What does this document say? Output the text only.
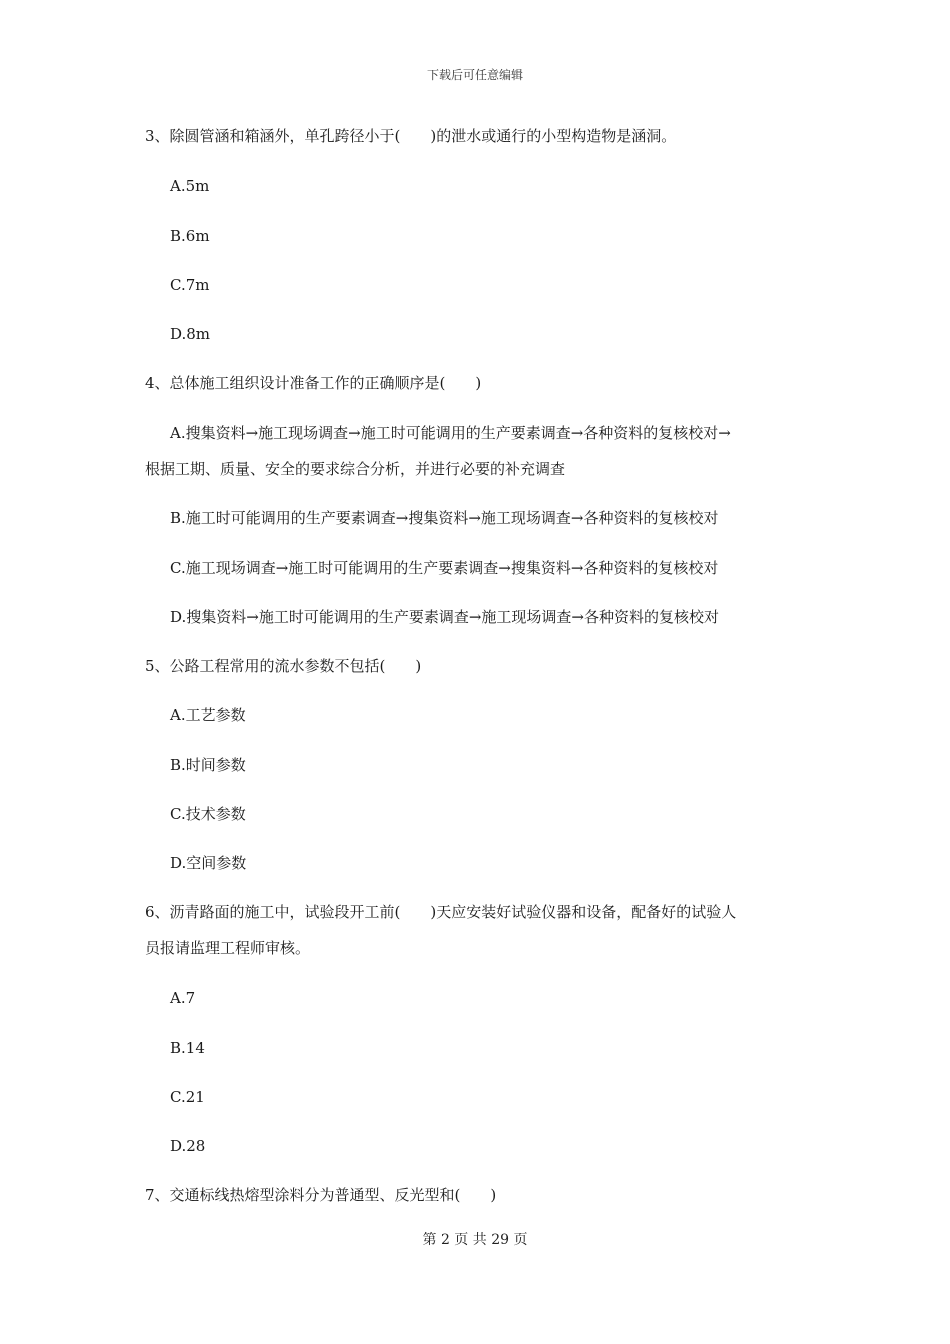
下载后可任意编辑
3、除圆管涵和箱涵外，单孔跨径小于(　　)的泄水或通行的小型构造物是涵洞。
A.5m
B.6m
C.7m
D.8m
4、总体施工组织设计准备工作的正确顺序是(　　)
A.搜集资料→施工现场调查→施工时可能调用的生产要素调查→各种资料的复核校对→
根据工期、质量、安全的要求综合分析，并进行必要的补充调查
B.施工时可能调用的生产要素调查→搜集资料→施工现场调查→各种资料的复核校对
C.施工现场调查→施工时可能调用的生产要素调查→搜集资料→各种资料的复核校对
D.搜集资料→施工时可能调用的生产要素调查→施工现场调查→各种资料的复核校对
5、公路工程常用的流水参数不包括(　　)
A.工艺参数
B.时间参数
C.技术参数
D.空间参数
6、沥青路面的施工中，试验段开工前(　　)天应安装好试验仪器和设备，配备好的试验人
员报请监理工程师审核。
A.7
B.14
C.21
D.28
7、交通标线热熔型涂料分为普通型、反光型和(　　)
第 2 页 共 29 页
